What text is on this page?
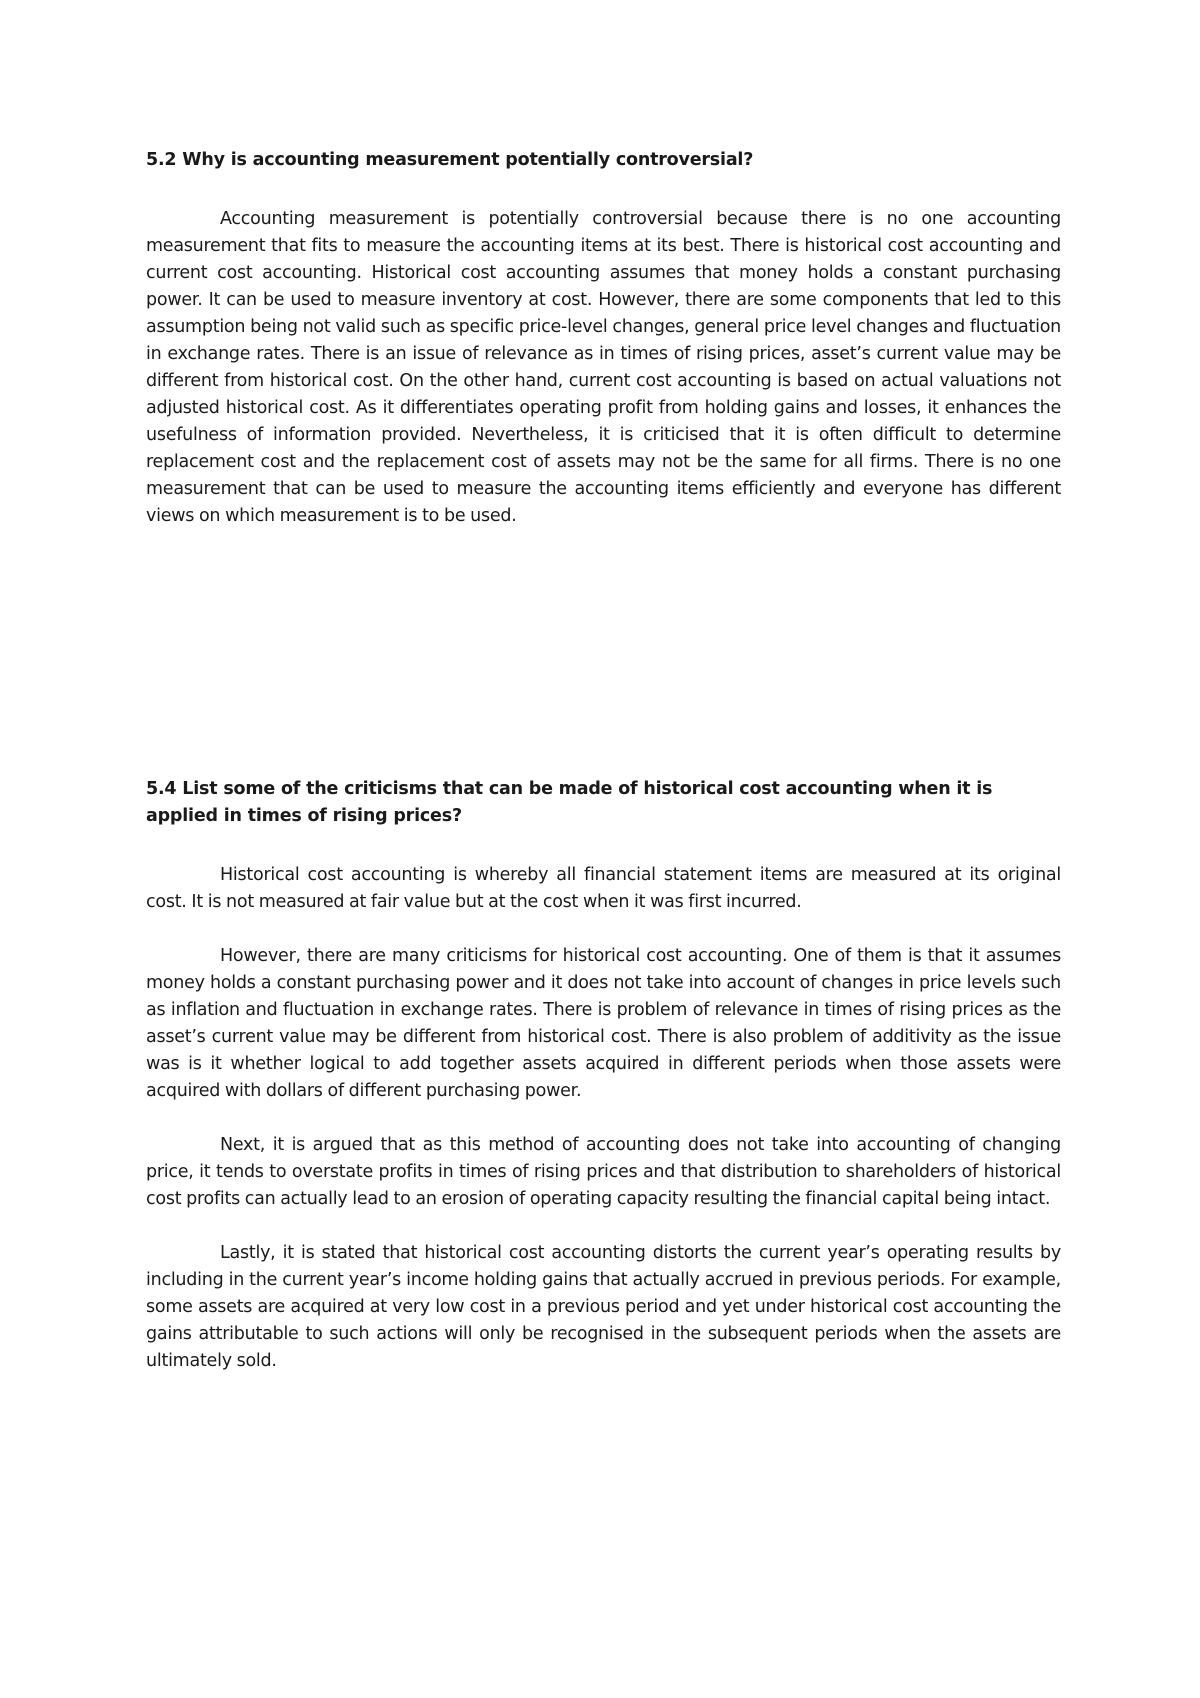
5.2 Why is accounting measurement potentially controversial?

Accounting measurement is potentially controversial because there is no one accounting measurement that fits to measure the accounting items at its best. There is historical cost accounting and current cost accounting. Historical cost accounting assumes that money holds a constant purchasing power. It can be used to measure inventory at cost. However, there are some components that led to this assumption being not valid such as specific price-level changes, general price level changes and fluctuation in exchange rates. There is an issue of relevance as in times of rising prices, asset’s current value may be different from historical cost. On the other hand, current cost accounting is based on actual valuations not adjusted historical cost. As it differentiates operating profit from holding gains and losses, it enhances the usefulness of information provided. Nevertheless, it is criticised that it is often difficult to determine replacement cost and the replacement cost of assets may not be the same for all firms. There is no one measurement that can be used to measure the accounting items efficiently and everyone has different views on which measurement is to be used.

5.4 List some of the criticisms that can be made of historical cost accounting when it is applied in times of rising prices?

Historical cost accounting is whereby all financial statement items are measured at its original cost. It is not measured at fair value but at the cost when it was first incurred.

However, there are many criticisms for historical cost accounting. One of them is that it assumes money holds a constant purchasing power and it does not take into account of changes in price levels such as inflation and fluctuation in exchange rates. There is problem of relevance in times of rising prices as the asset’s current value may be different from historical cost. There is also problem of additivity as the issue was is it whether logical to add together assets acquired in different periods when those assets were acquired with dollars of different purchasing power.

Next, it is argued that as this method of accounting does not take into accounting of changing price, it tends to overstate profits in times of rising prices and that distribution to shareholders of historical cost profits can actually lead to an erosion of operating capacity resulting the financial capital being intact.

Lastly, it is stated that historical cost accounting distorts the current year’s operating results by including in the current year’s income holding gains that actually accrued in previous periods. For example, some assets are acquired at very low cost in a previous period and yet under historical cost accounting the gains attributable to such actions will only be recognised in the subsequent periods when the assets are ultimately sold.
